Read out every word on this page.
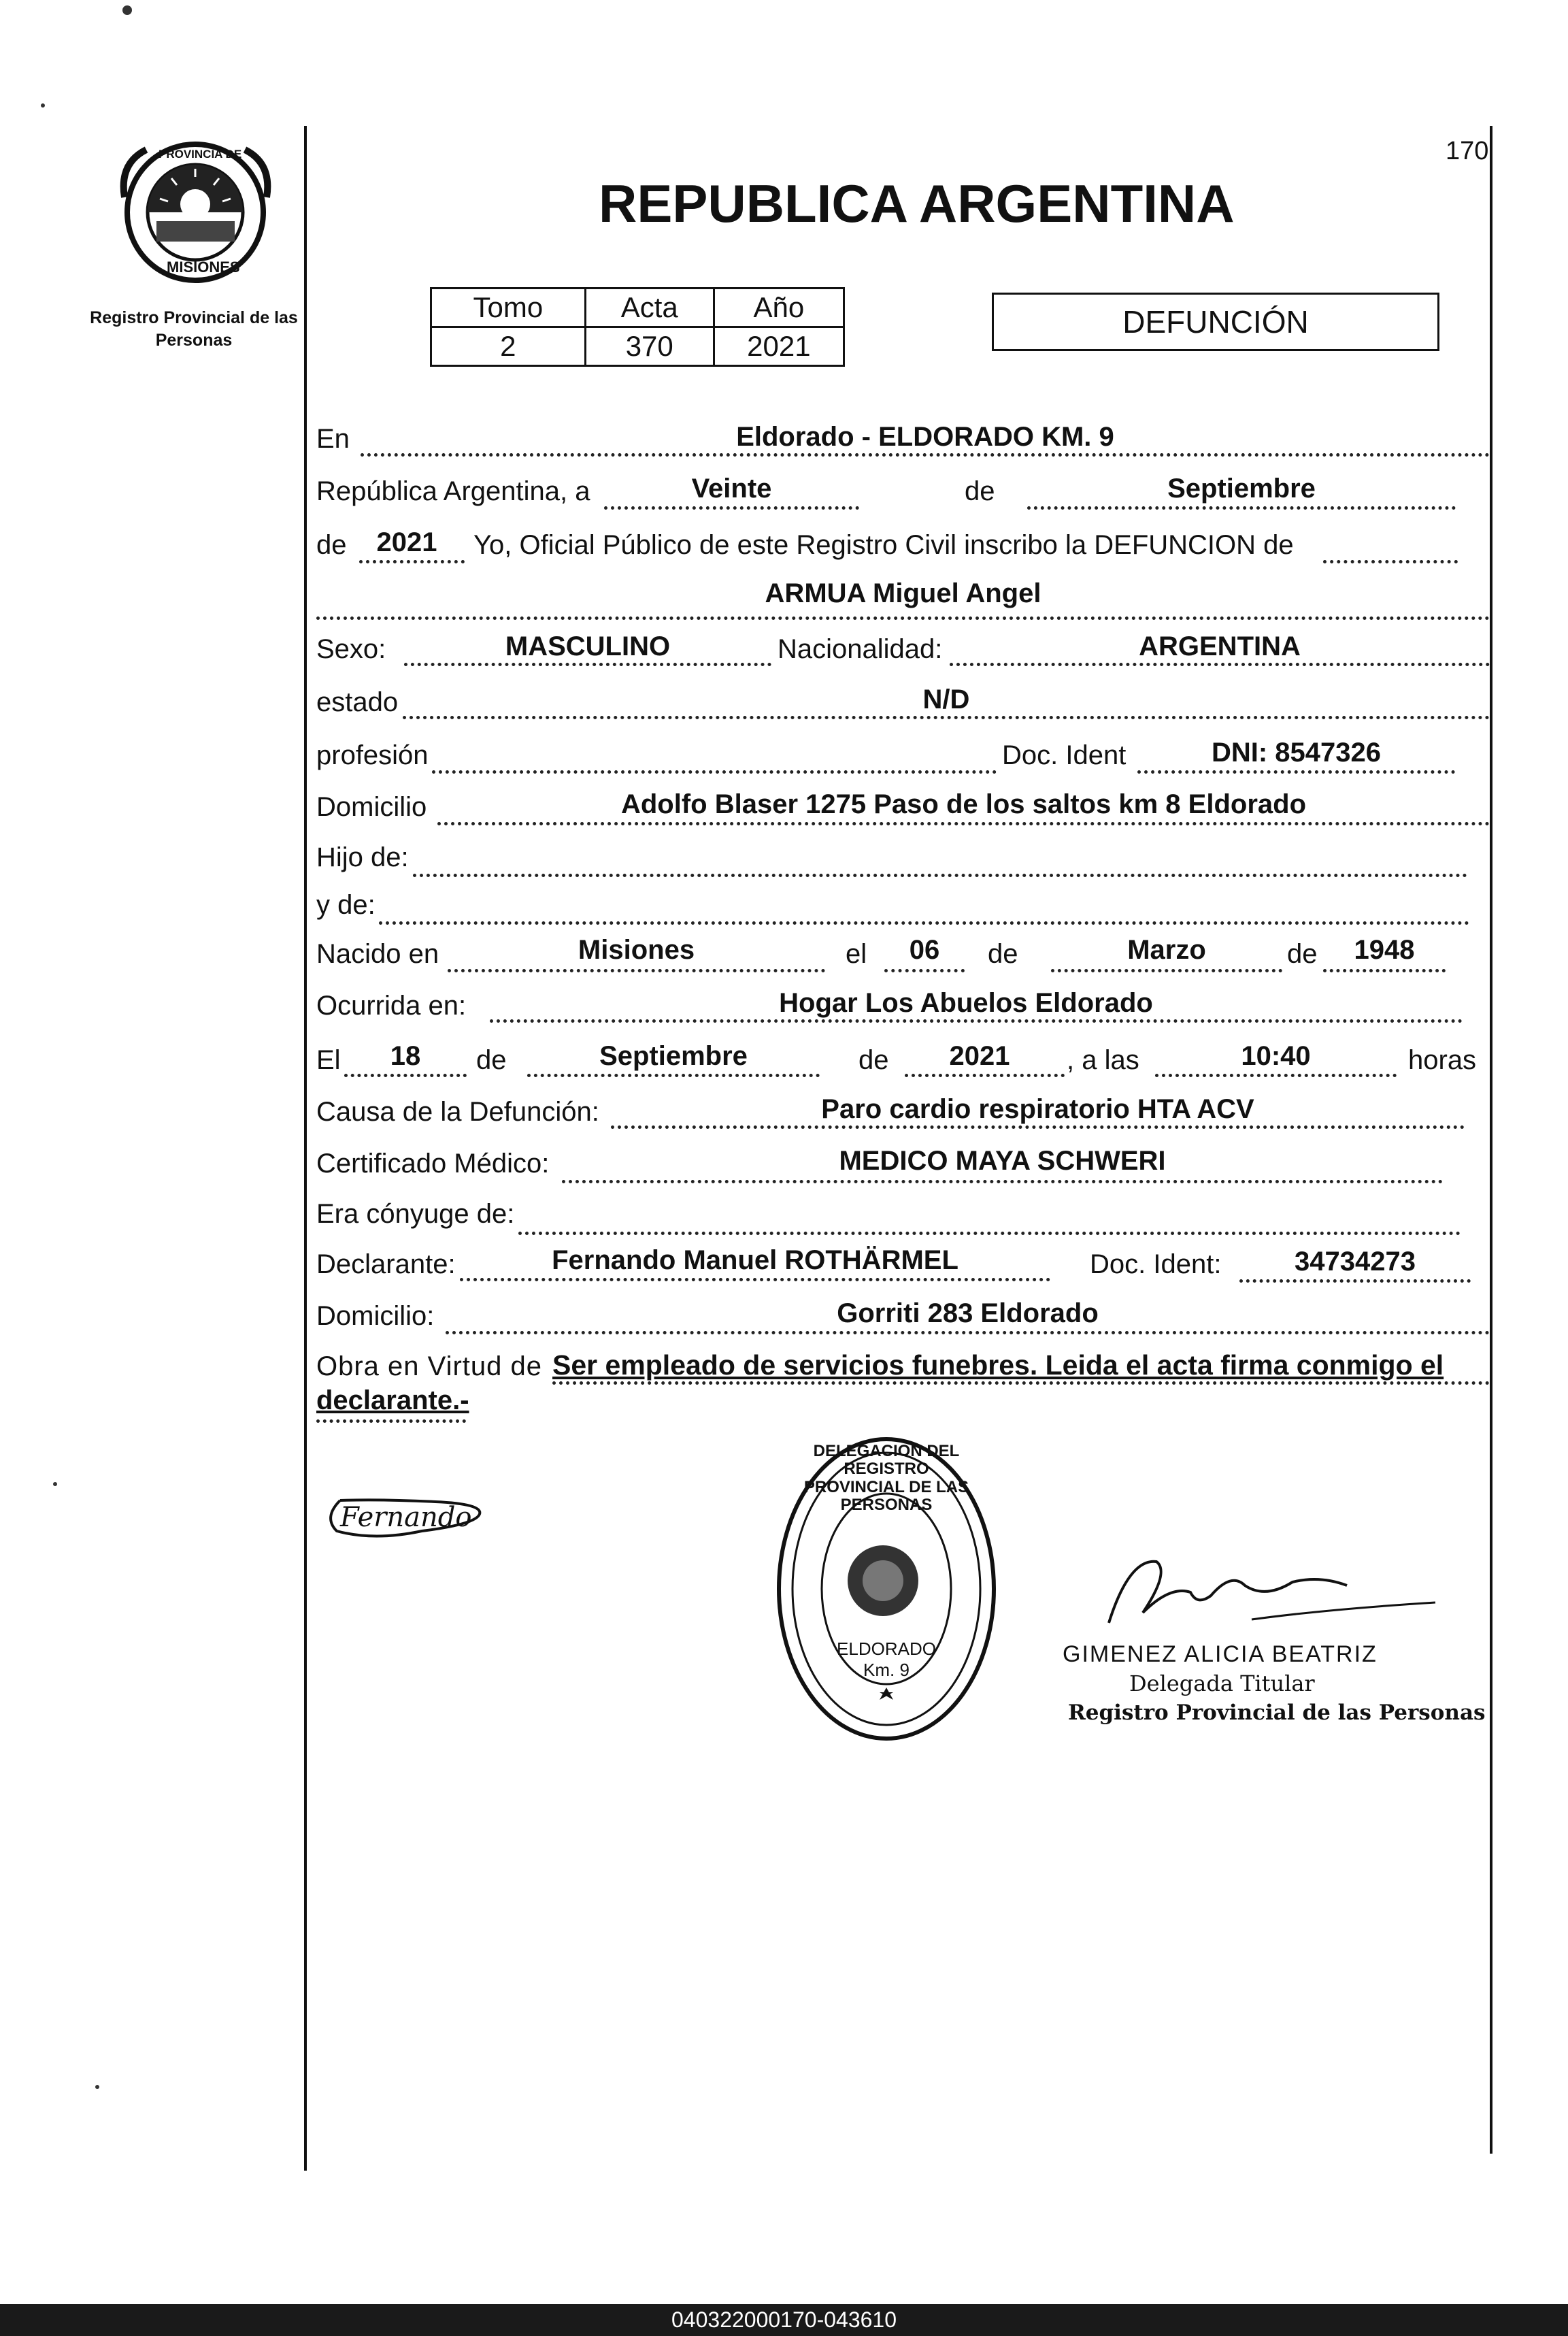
170
PROVINCIA DE
MISIONES
Registro Provincial de las Personas
REPUBLICA ARGENTINA
Tomo	Acta	Año
2	370	2021
DEFUNCIÓN
En	Eldorado - ELDORADO KM. 9
República Argentina, a	Veinte	de	Septiembre
de	2021	Yo, Oficial Público de este Registro Civil inscribo la DEFUNCION de
ARMUA Miguel Angel
Sexo:	MASCULINO	Nacionalidad:	ARGENTINA
estado	N/D
profesión	Doc. Ident	DNI: 8547326
Domicilio	Adolfo Blaser 1275 Paso de los saltos km 8 Eldorado
Hijo de:
y de:
Nacido en	Misiones	el	06	de	Marzo	de	1948
Ocurrida en:	Hogar Los Abuelos Eldorado
El	18	de	Septiembre	de	2021	, a las	10:40	horas
Causa de la Defunción:	Paro cardio respiratorio HTA ACV
Certificado Médico:	MEDICO MAYA SCHWERI
Era cónyuge de:
Declarante:	Fernando Manuel ROTHÄRMEL	Doc. Ident:	34734273
Domicilio:	Gorriti 283 Eldorado
Obra en Virtud de Ser empleado de servicios funebres. Leida el acta firma conmigo el
declarante.-
Fernando
DELEGACION DEL REGISTRO PROVINCIAL DE LAS PERSONAS
ELDORADO Km. 9
GIMENEZ ALICIA BEATRIZ
Delegada Titular
Registro Provincial de las Personas
040322000170-043610
